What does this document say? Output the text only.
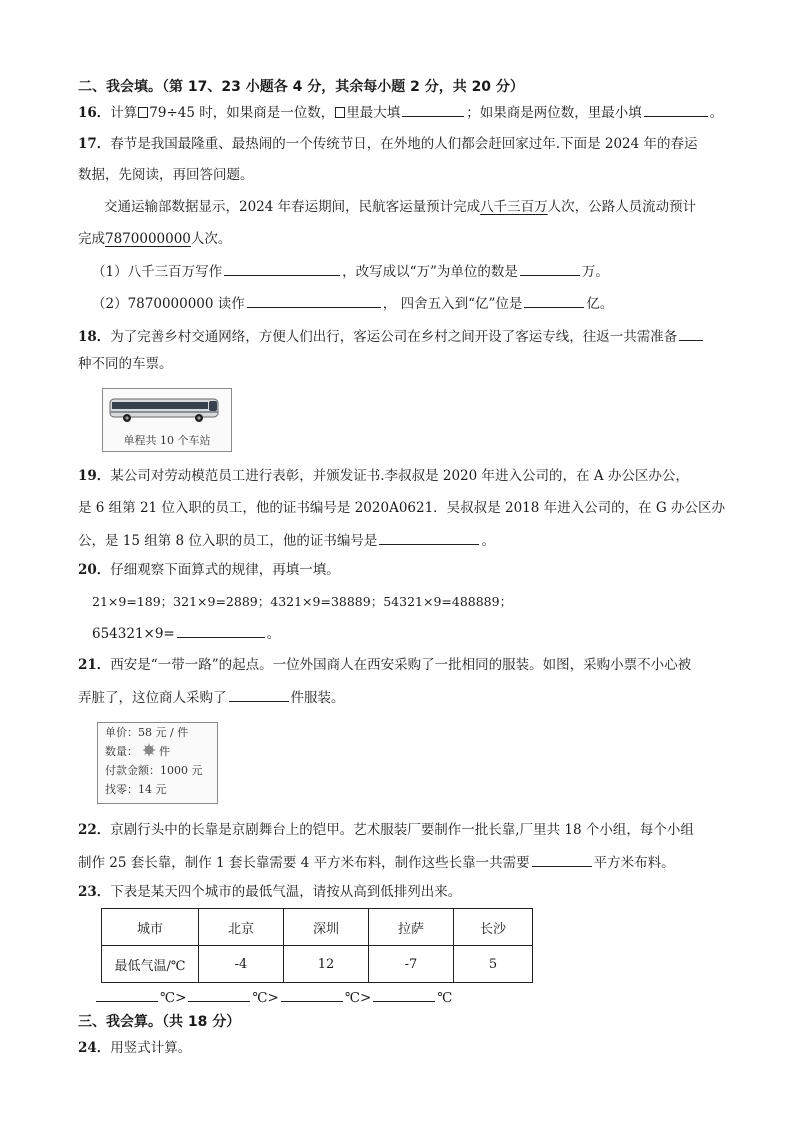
二、我会填。（第 17、23 小题各 4 分，其余每小题 2 分，共 20 分）
16．计算 79÷45 时，如果商是一位数， 里最大填	；如果商是两位数，里最小填	。
17．春节是我国最隆重、最热闹的一个传统节日，在外地的人们都会赶回家过年.下面是 2024 年的春运
数据，先阅读，再回答问题。
交通运输部数据显示，2024 年春运期间，民航客运量预计完成八千三百万人次，公路人员流动预计
完成7870000000人次。
（1）八千三百万写作	，改写成以“万”为单位的数是	万。
（2）7870000000 读作	， 四舍五入到“亿”位是	亿。
18．为了完善乡村交通网络，方便人们出行，客运公司在乡村之间开设了客运专线，往返一共需准备
种不同的车票。
单程共 10 个车站
19．某公司对劳动模范员工进行表彰，并颁发证书.李叔叔是 2020 年进入公司的，在 A 办公区办公，
是 6 组第 21 位入职的员工，他的证书编号是 2020A0621．吴叔叔是 2018 年进入公司的，在 G 办公区办
公，是 15 组第 8 位入职的员工，他的证书编号是	。
20．仔细观察下面算式的规律，再填一填。
21×9=189；321×9=2889；4321×9=38889；54321×9=488889；
654321×9=	。
21．西安是“一带一路”的起点。一位外国商人在西安采购了一批相同的服装。如图，采购小票不小心被
弄脏了，这位商人采购了	件服装。
单价：58 元 / 件
数量： 件
付款金额：1000 元
找零：14 元
22．京剧行头中的长靠是京剧舞台上的铠甲。艺术服装厂要制作一批长靠,厂里共 18 个小组，每个小组
制作 25 套长靠，制作 1 套长靠需要 4 平方米布料，制作这些长靠一共需要	平方米布料。
23．下表是某天四个城市的最低气温，请按从高到低排列出来。
城市	北京	深圳	拉萨	长沙
最低气温/℃	-4	12	-7	5
℃>	℃>	℃>	℃
三、我会算。（共 18 分）
24．用竖式计算。
